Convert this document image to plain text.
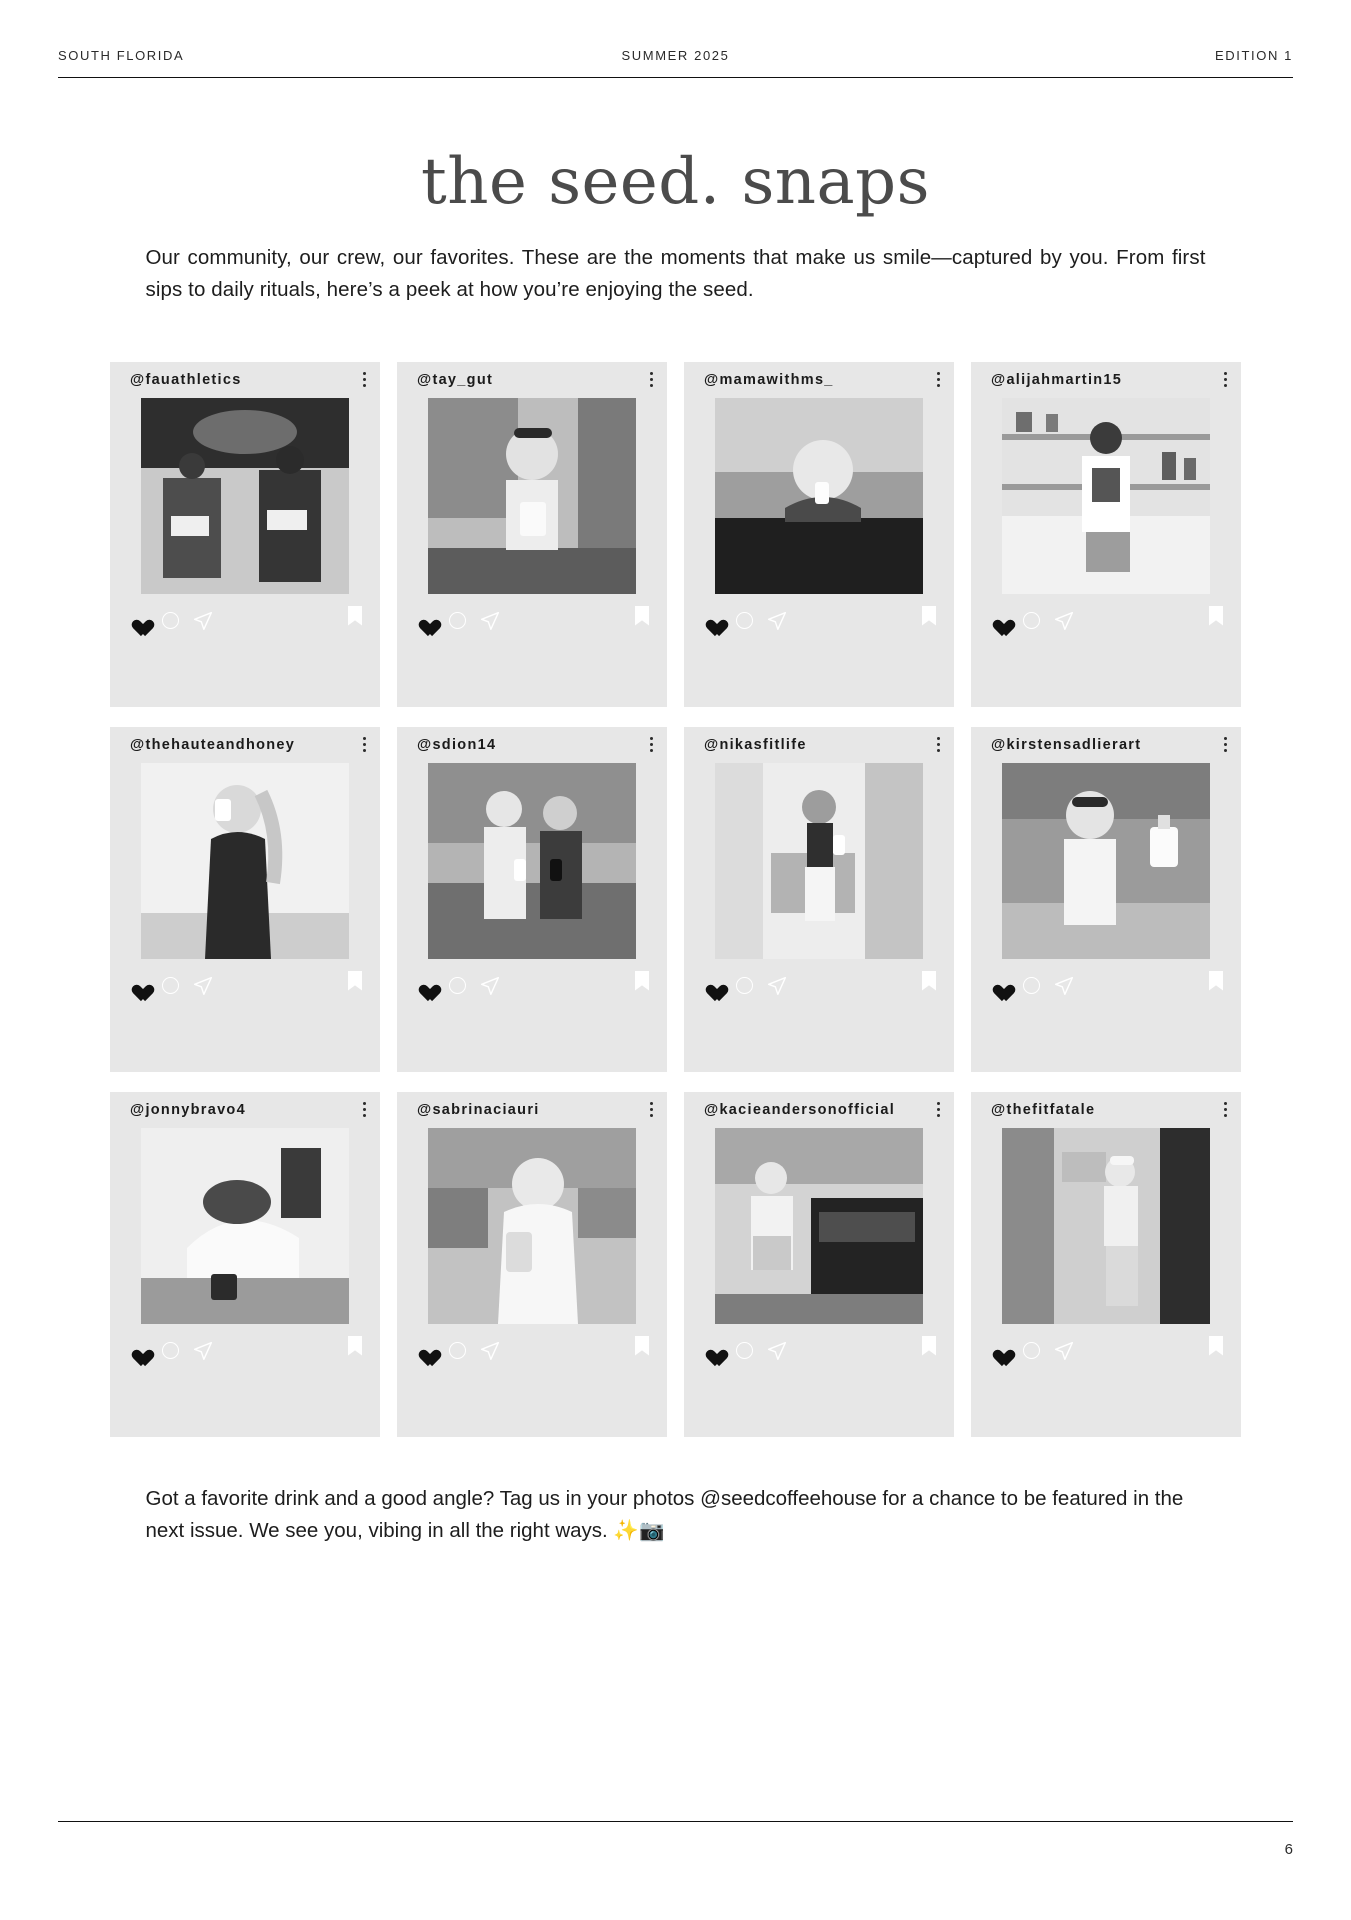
SOUTH FLORIDA	SUMMER 2025	EDITION 1
the seed. snaps
Our community, our crew, our favorites. These are the moments that make us smile—captured by you. From first sips to daily rituals, here’s a peek at how you’re enjoying the seed.
@fauathletics	@tay_gut	@mamawithms_	@alijahmartin15
@thehauteandhoney	@sdion14	@nikasfitlife	@kirstensadlierart
@jonnybravo4	@sabrinaciauri	@kacieandersonofficial	@thefitfatale
Got a favorite drink and a good angle? Tag us in your photos @seedcoffeehouse for a chance to be featured in the next issue. We see you, vibing in all the right ways. ✨📷
6
